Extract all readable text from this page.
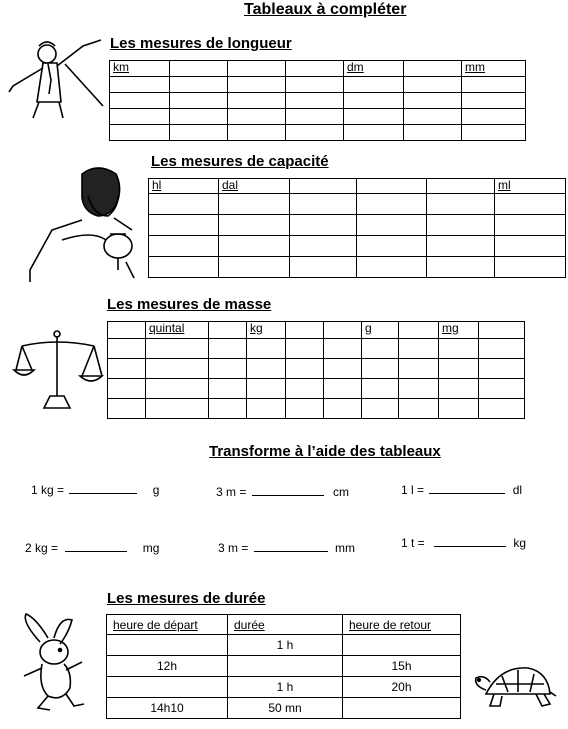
Tableaux à compléter
Les mesures de longueur
km				dm		mm

Les mesures de capacité
hl	dal				ml

Les mesures de masse
	quintal		kg			g		mg	

Transforme à l’aide des tableaux
1 kg =	g	3 m =	cm	1 l =	dl
2 kg =	mg	3 m =	mm	1 t =	kg
Les mesures de durée
heure de départ	durée	heure de retour
	1 h	
12h		15h
	1 h	20h
14h10	50 mn	
